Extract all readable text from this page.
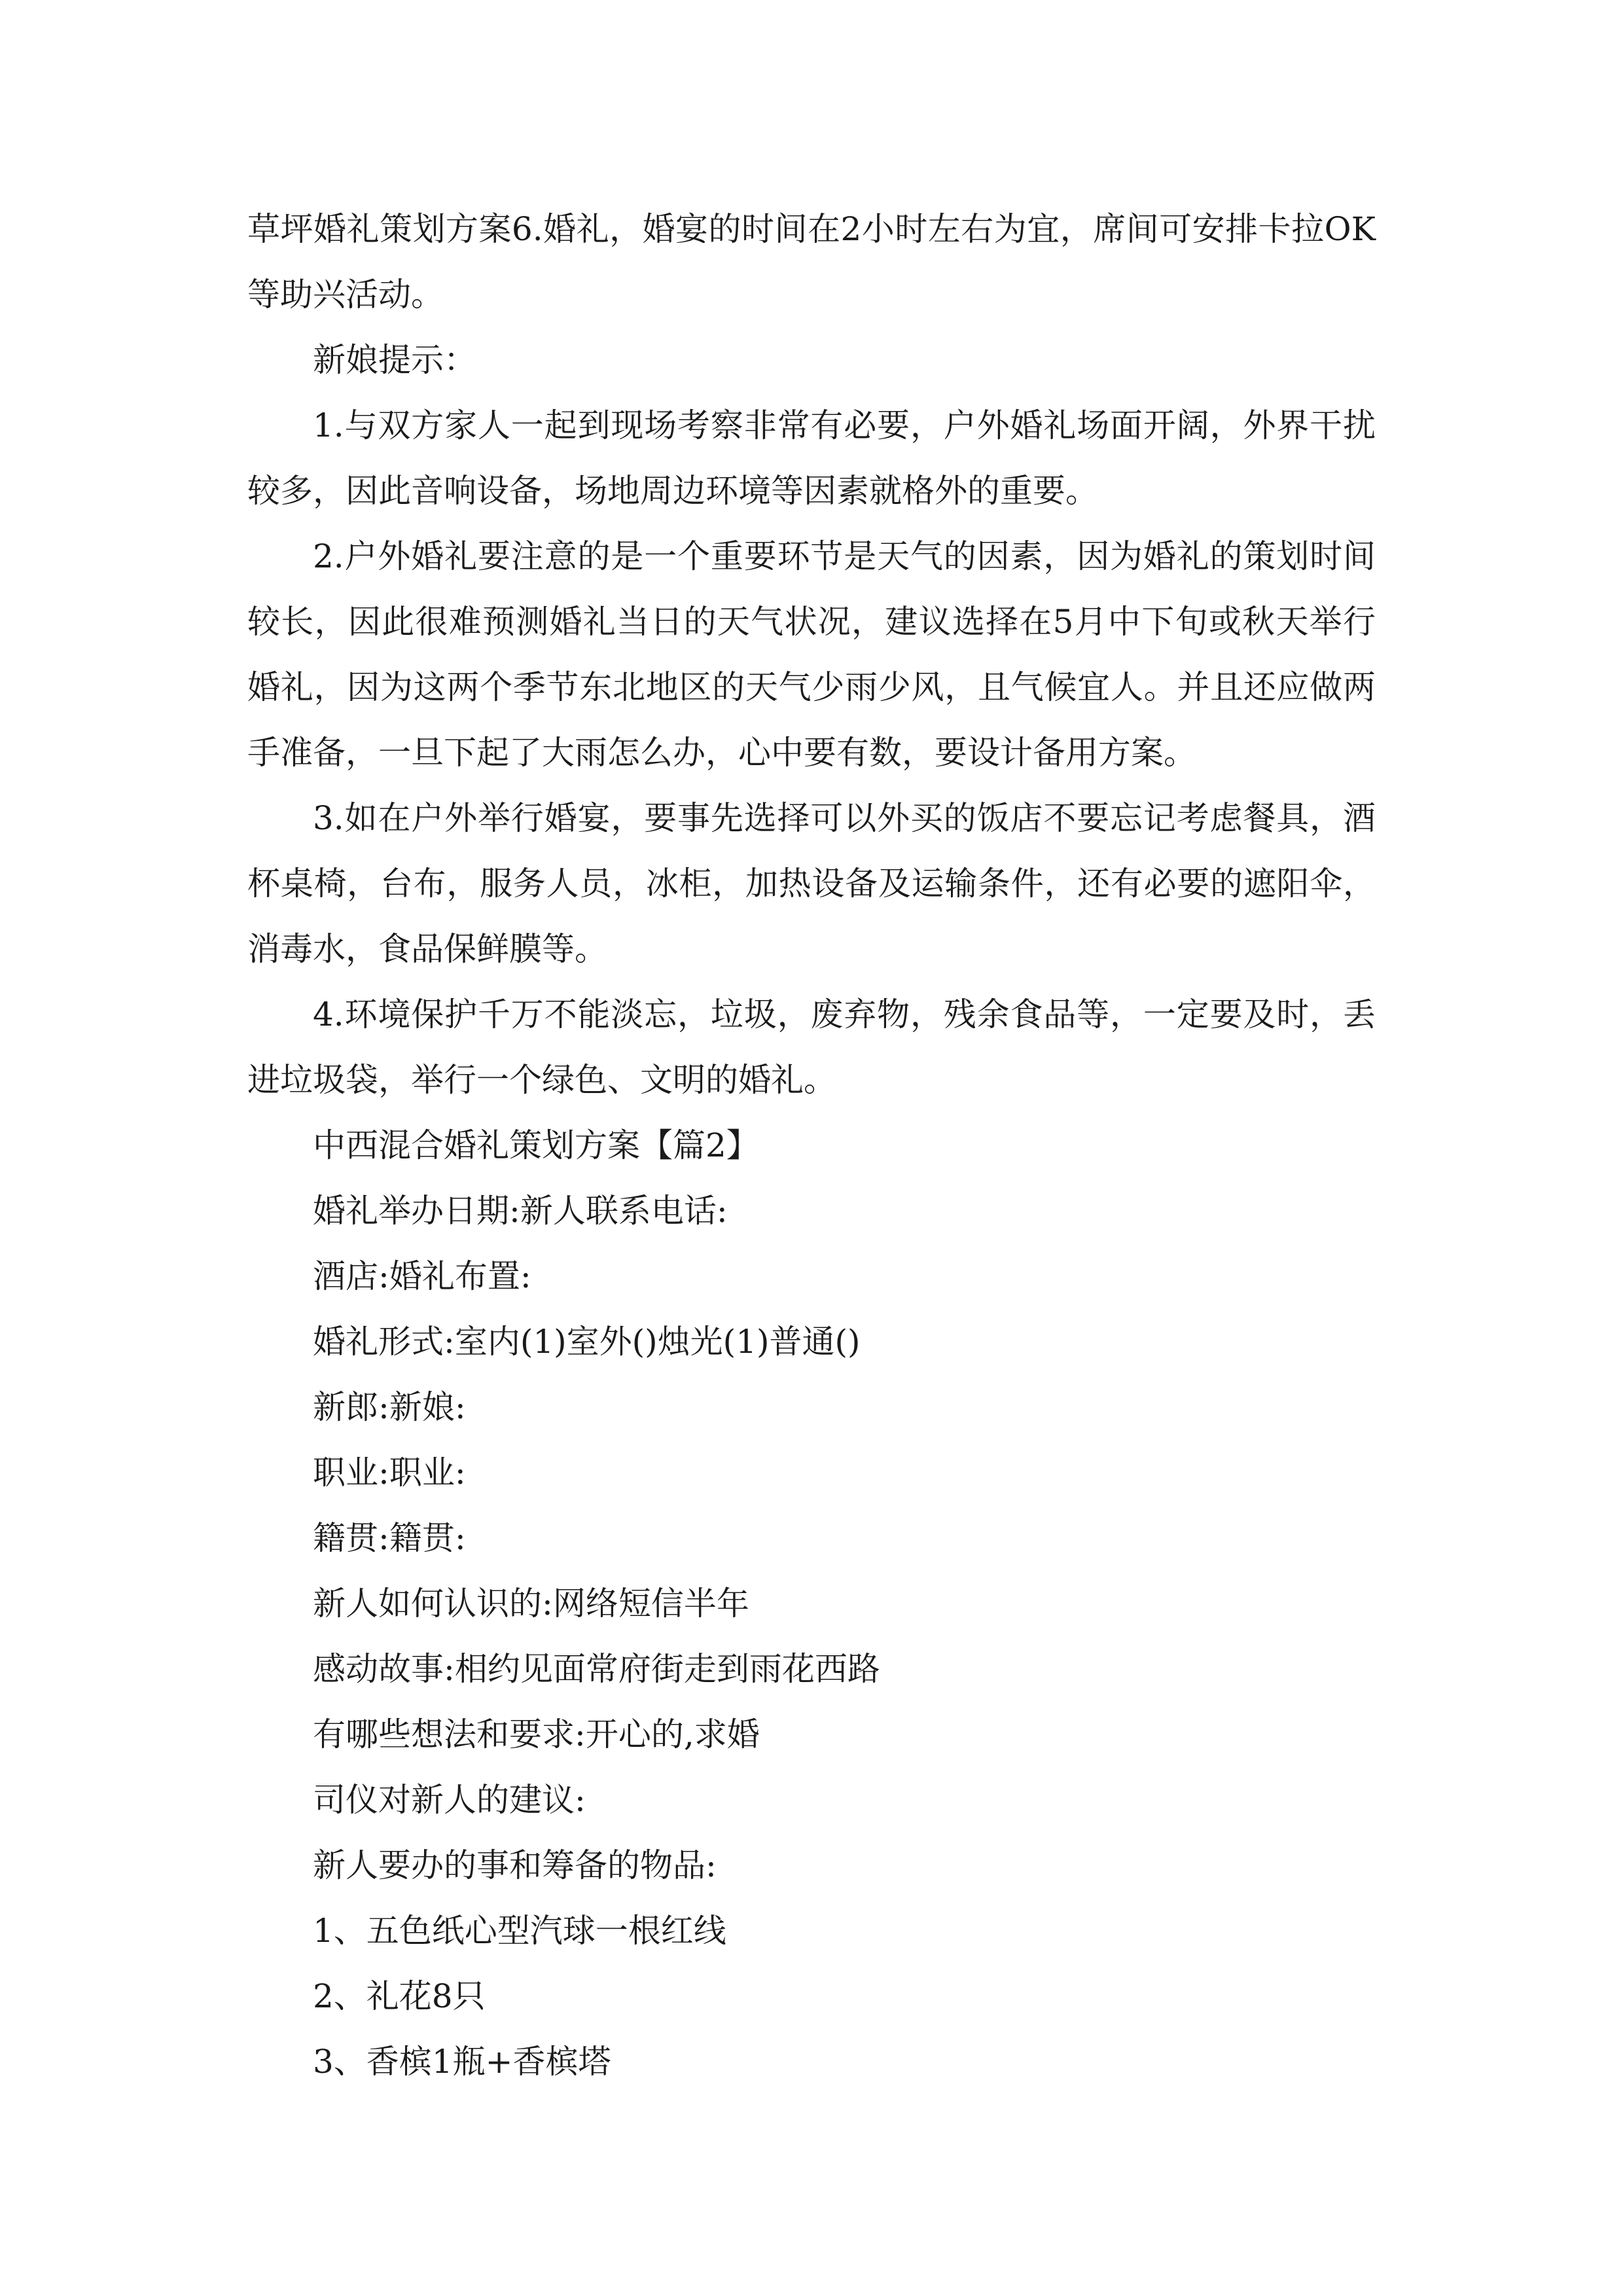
草坪婚礼策划方案6.婚礼，婚宴的时间在2小时左右为宜，席间可安排卡拉OK等助兴活动。

新娘提示：

1.与双方家人一起到现场考察非常有必要，户外婚礼场面开阔，外界干扰较多，因此音响设备，场地周边环境等因素就格外的重要。

2.户外婚礼要注意的是一个重要环节是天气的因素，因为婚礼的策划时间较长，因此很难预测婚礼当日的天气状况，建议选择在5月中下旬或秋天举行婚礼，因为这两个季节东北地区的天气少雨少风，且气候宜人。并且还应做两手准备，一旦下起了大雨怎么办，心中要有数，要设计备用方案。

3.如在户外举行婚宴，要事先选择可以外买的饭店不要忘记考虑餐具，酒杯桌椅，台布，服务人员，冰柜，加热设备及运输条件，还有必要的遮阳伞，消毒水，食品保鲜膜等。

4.环境保护千万不能淡忘，垃圾，废弃物，残余食品等，一定要及时，丢进垃圾袋，举行一个绿色、文明的婚礼。

中西混合婚礼策划方案【篇2】

婚礼举办日期:新人联系电话:

酒店:婚礼布置:

婚礼形式:室内(1)室外()烛光(1)普通()

新郎:新娘:

职业:职业:

籍贯:籍贯:

新人如何认识的:网络短信半年

感动故事:相约见面常府街走到雨花西路

有哪些想法和要求:开心的,求婚

司仪对新人的建议:

新人要办的事和筹备的物品:

1、五色纸心型汽球一根红线

2、礼花8只

3、香槟1瓶+香槟塔
